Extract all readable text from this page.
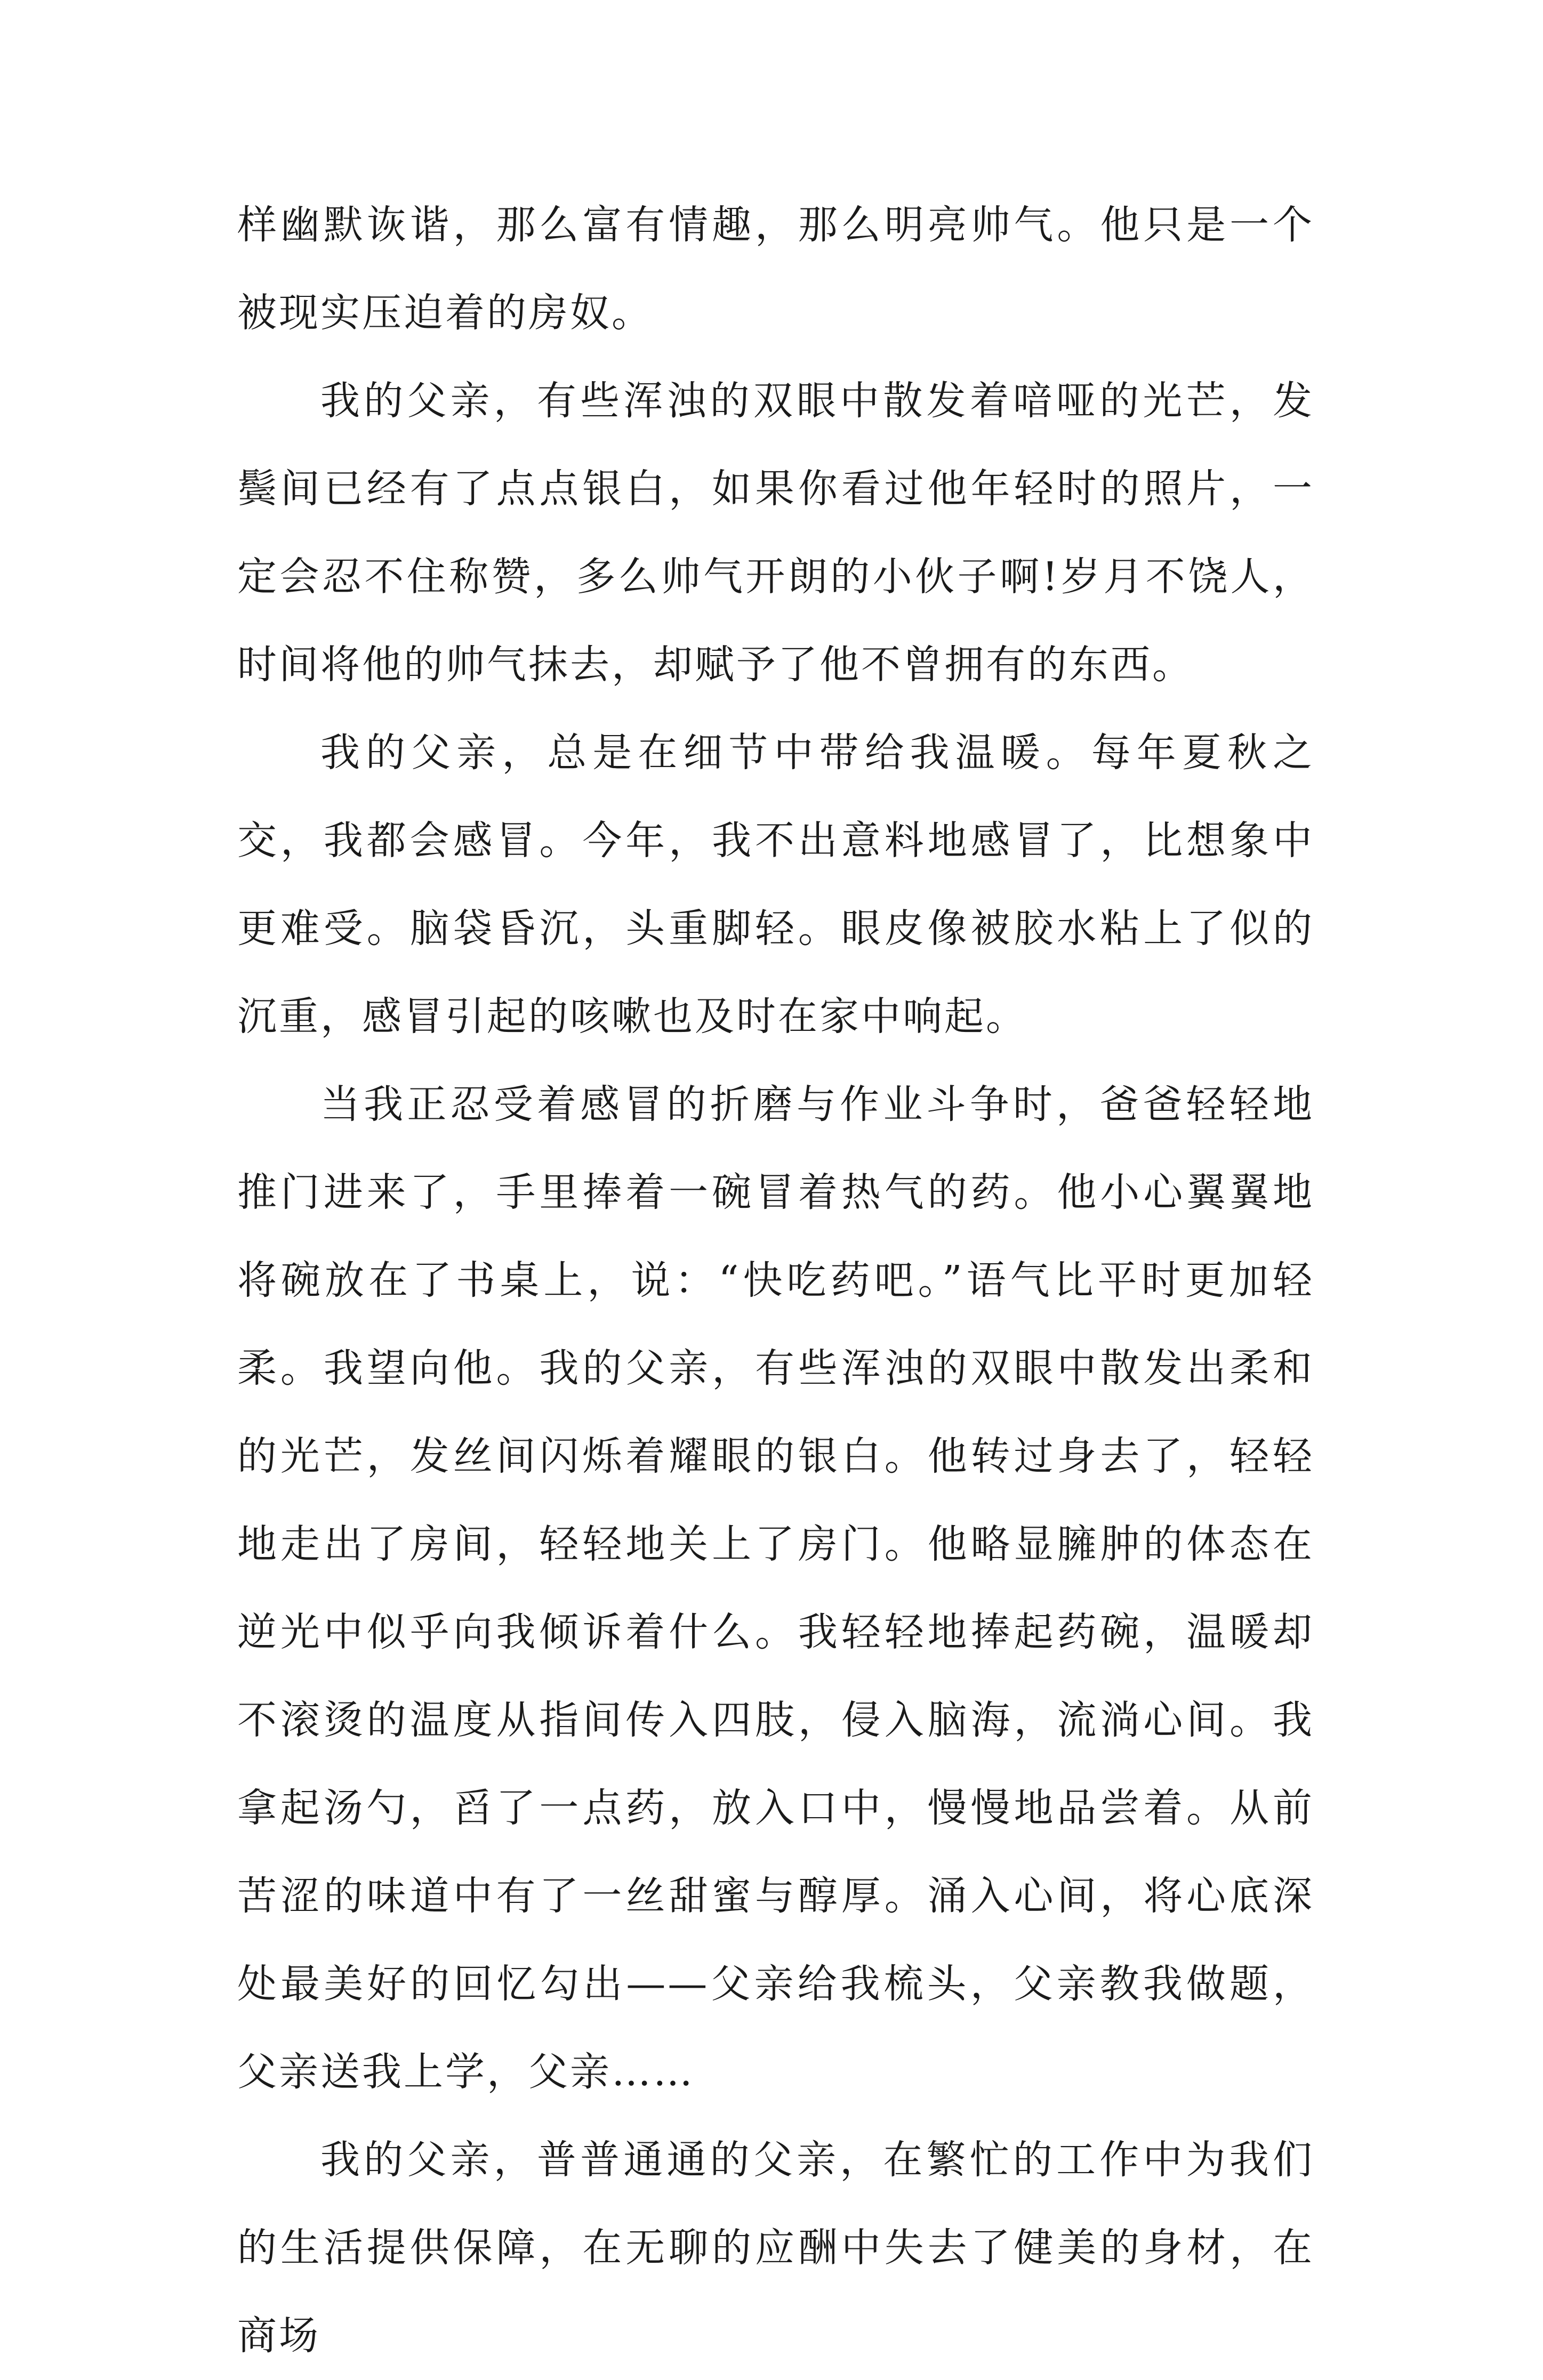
样幽默诙谐，那么富有情趣，那么明亮帅气。他只是一个被现实压迫着的房奴。

我的父亲，有些浑浊的双眼中散发着喑哑的光芒，发鬓间已经有了点点银白，如果你看过他年轻时的照片，一定会忍不住称赞，多么帅气开朗的小伙子啊!岁月不饶人，时间将他的帅气抹去，却赋予了他不曾拥有的东西。

我的父亲，总是在细节中带给我温暖。每年夏秋之交，我都会感冒。今年，我不出意料地感冒了，比想象中更难受。脑袋昏沉，头重脚轻。眼皮像被胶水粘上了似的沉重，感冒引起的咳嗽也及时在家中响起。

当我正忍受着感冒的折磨与作业斗争时，爸爸轻轻地推门进来了，手里捧着一碗冒着热气的药。他小心翼翼地将碗放在了书桌上，说：“快吃药吧。”语气比平时更加轻柔。我望向他。我的父亲，有些浑浊的双眼中散发出柔和的光芒，发丝间闪烁着耀眼的银白。他转过身去了，轻轻地走出了房间，轻轻地关上了房门。他略显臃肿的体态在逆光中似乎向我倾诉着什么。我轻轻地捧起药碗，温暖却不滚烫的温度从指间传入四肢，侵入脑海，流淌心间。我拿起汤勺，舀了一点药，放入口中，慢慢地品尝着。从前苦涩的味道中有了一丝甜蜜与醇厚。涌入心间，将心底深处最美好的回忆勾出——父亲给我梳头，父亲教我做题，父亲送我上学，父亲……

我的父亲，普普通通的父亲，在繁忙的工作中为我们的生活提供保障，在无聊的应酬中失去了健美的身材，在商场
